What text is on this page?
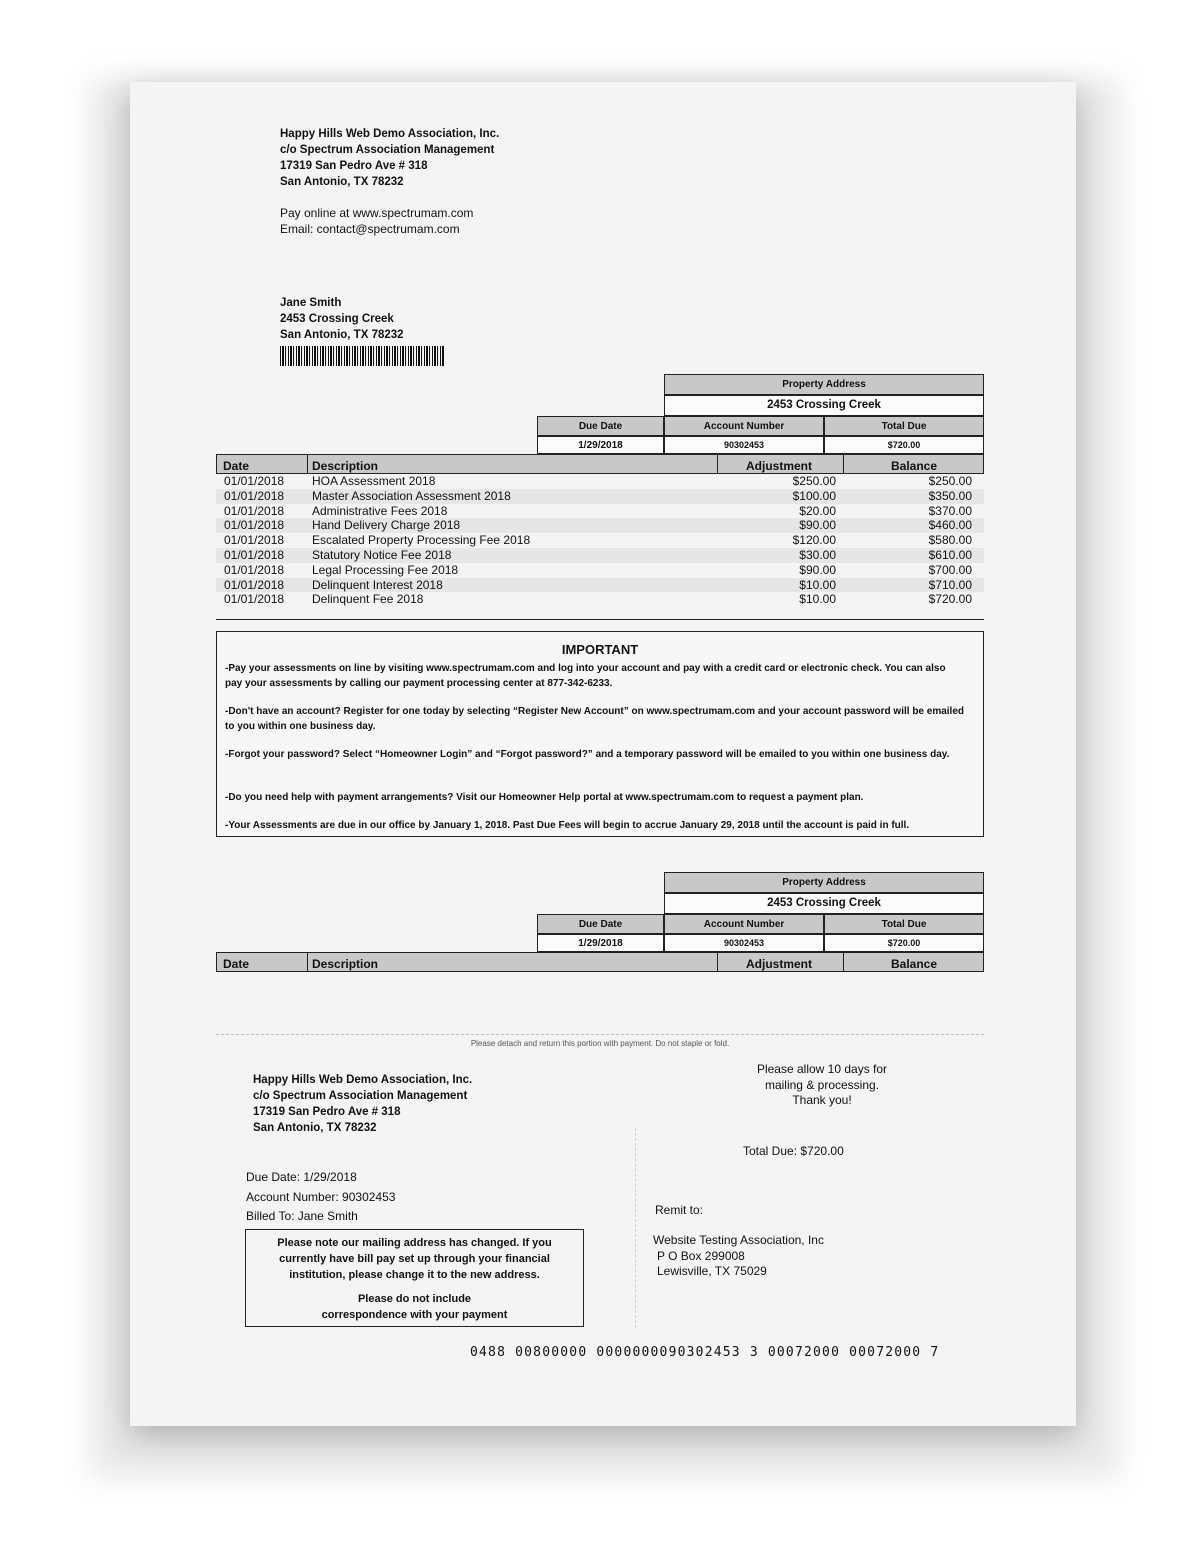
Happy Hills Web Demo Association, Inc.
c/o Spectrum Association Management
17319 San Pedro Ave # 318
San Antonio, TX 78232
Pay online at www.spectrumam.com
Email: contact@spectrumam.com
Jane Smith
2453 Crossing Creek
San Antonio, TX 78232
Property Address
2453 Crossing Creek
Due Date	Account Number	Total Due
1/29/2018	90302453	$720.00
Date	Description	Adjustment	Balance
01/01/2018 HOA Assessment 2018	$250.00	$250.00
01/01/2018 Master Association Assessment 2018	$100.00	$350.00
01/01/2018 Administrative Fees 2018	$20.00	$370.00
01/01/2018 Hand Delivery Charge 2018	$90.00	$460.00
01/01/2018 Escalated Property Processing Fee 2018	$120.00	$580.00
01/01/2018 Statutory Notice Fee 2018	$30.00	$610.00
01/01/2018 Legal Processing Fee 2018	$90.00	$700.00
01/01/2018 Delinquent Interest 2018	$10.00	$710.00
01/01/2018 Delinquent Fee 2018	$10.00	$720.00
IMPORTANT
-Pay your assessments on line by visiting www.spectrumam.com and log into your account and pay with a credit card or electronic check. You can also pay your assessments by calling our payment processing center at 877-342-6233.
-Don't have an account? Register for one today by selecting “Register New Account” on www.spectrumam.com and your account password will be emailed to you within one business day.
-Forgot your password? Select “Homeowner Login” and “Forgot password?” and a temporary password will be emailed to you within one business day.
-Do you need help with payment arrangements? Visit our Homeowner Help portal at www.spectrumam.com to request a payment plan.
-Your Assessments are due in our office by January 1, 2018. Past Due Fees will begin to accrue January 29, 2018 until the account is paid in full.
Property Address
2453 Crossing Creek
Due Date	Account Number	Total Due
1/29/2018	90302453	$720.00
Date	Description	Adjustment	Balance
Please detach and return this portion with payment. Do not staple or fold.
Happy Hills Web Demo Association, Inc.
c/o Spectrum Association Management
17319 San Pedro Ave # 318
San Antonio, TX 78232
Due Date: 1/29/2018
Account Number: 90302453
Billed To: Jane Smith
Please note our mailing address has changed. If you
currently have bill pay set up through your financial
institution, please change it to the new address.
Please do not include
correspondence with your payment
Please allow 10 days for
mailing & processing.
Thank you!
Total Due: $720.00
Remit to:
Website Testing Association, Inc
P O Box 299008
Lewisville, TX 75029
0488 00800000 0000000090302453 3 00072000 00072000 7
